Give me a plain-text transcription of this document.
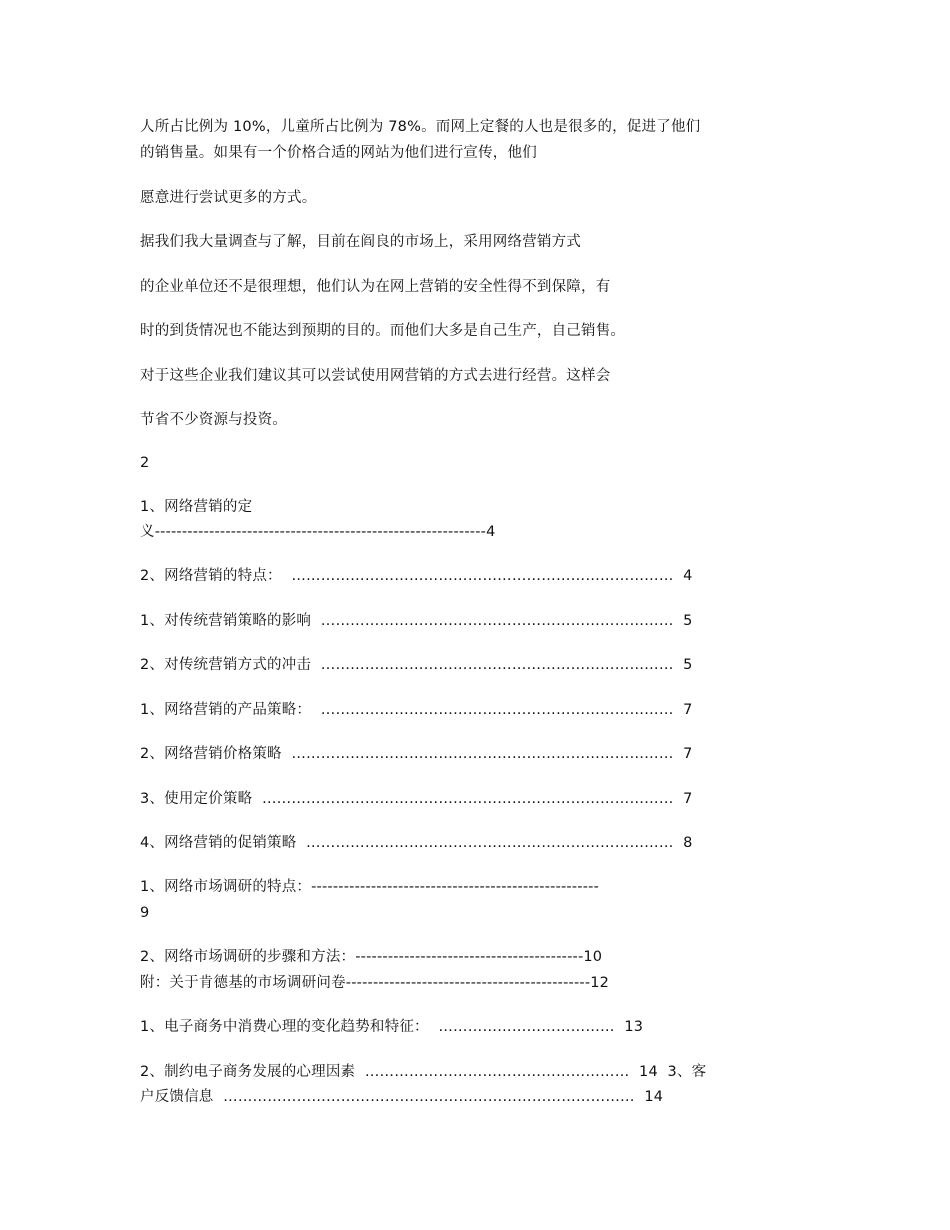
人所占比例为 10%，儿童所占比例为 78%。而网上定餐的人也是很多的，促进了他们
的销售量。如果有一个价格合适的网站为他们进行宣传，他们
愿意进行尝试更多的方式。
据我们我大量调查与了解，目前在阎良的市场上，采用网络营销方式
的企业单位还不是很理想，他们认为在网上营销的安全性得不到保障，有
时的到货情况也不能达到预期的目的。而他们大多是自己生产，自己销售。
对于这些企业我们建议其可以尝试使用网营销的方式去进行经营。这样会
节省不少资源与投资。
2
1、网络营销的定
义-------------------------------------------------------------4
2、网络营销的特点：  ……………………………………………………………………  4
1、对传统营销策略的影响  ………………………………………………………………  5
2、对传统营销方式的冲击  ………………………………………………………………  5
1、网络营销的产品策略：  ………………………………………………………………  7
2、网络营销价格策略  ……………………………………………………………………  7
3、使用定价策略  …………………………………………………………………………  7
4、网络营销的促销策略  …………………………………………………………………  8
1、网络市场调研的特点：-----------------------------------------------------
9
2、网络市场调研的步骤和方法：------------------------------------------10
附：关于肯德基的市场调研问卷---------------------------------------------12
1、电子商务中消费心理的变化趋势和特征：  ………………………………  13
2、制约电子商务发展的心理因素  ………………………………………………  14  3、客
户反馈信息  …………………………………………………………………………  14
